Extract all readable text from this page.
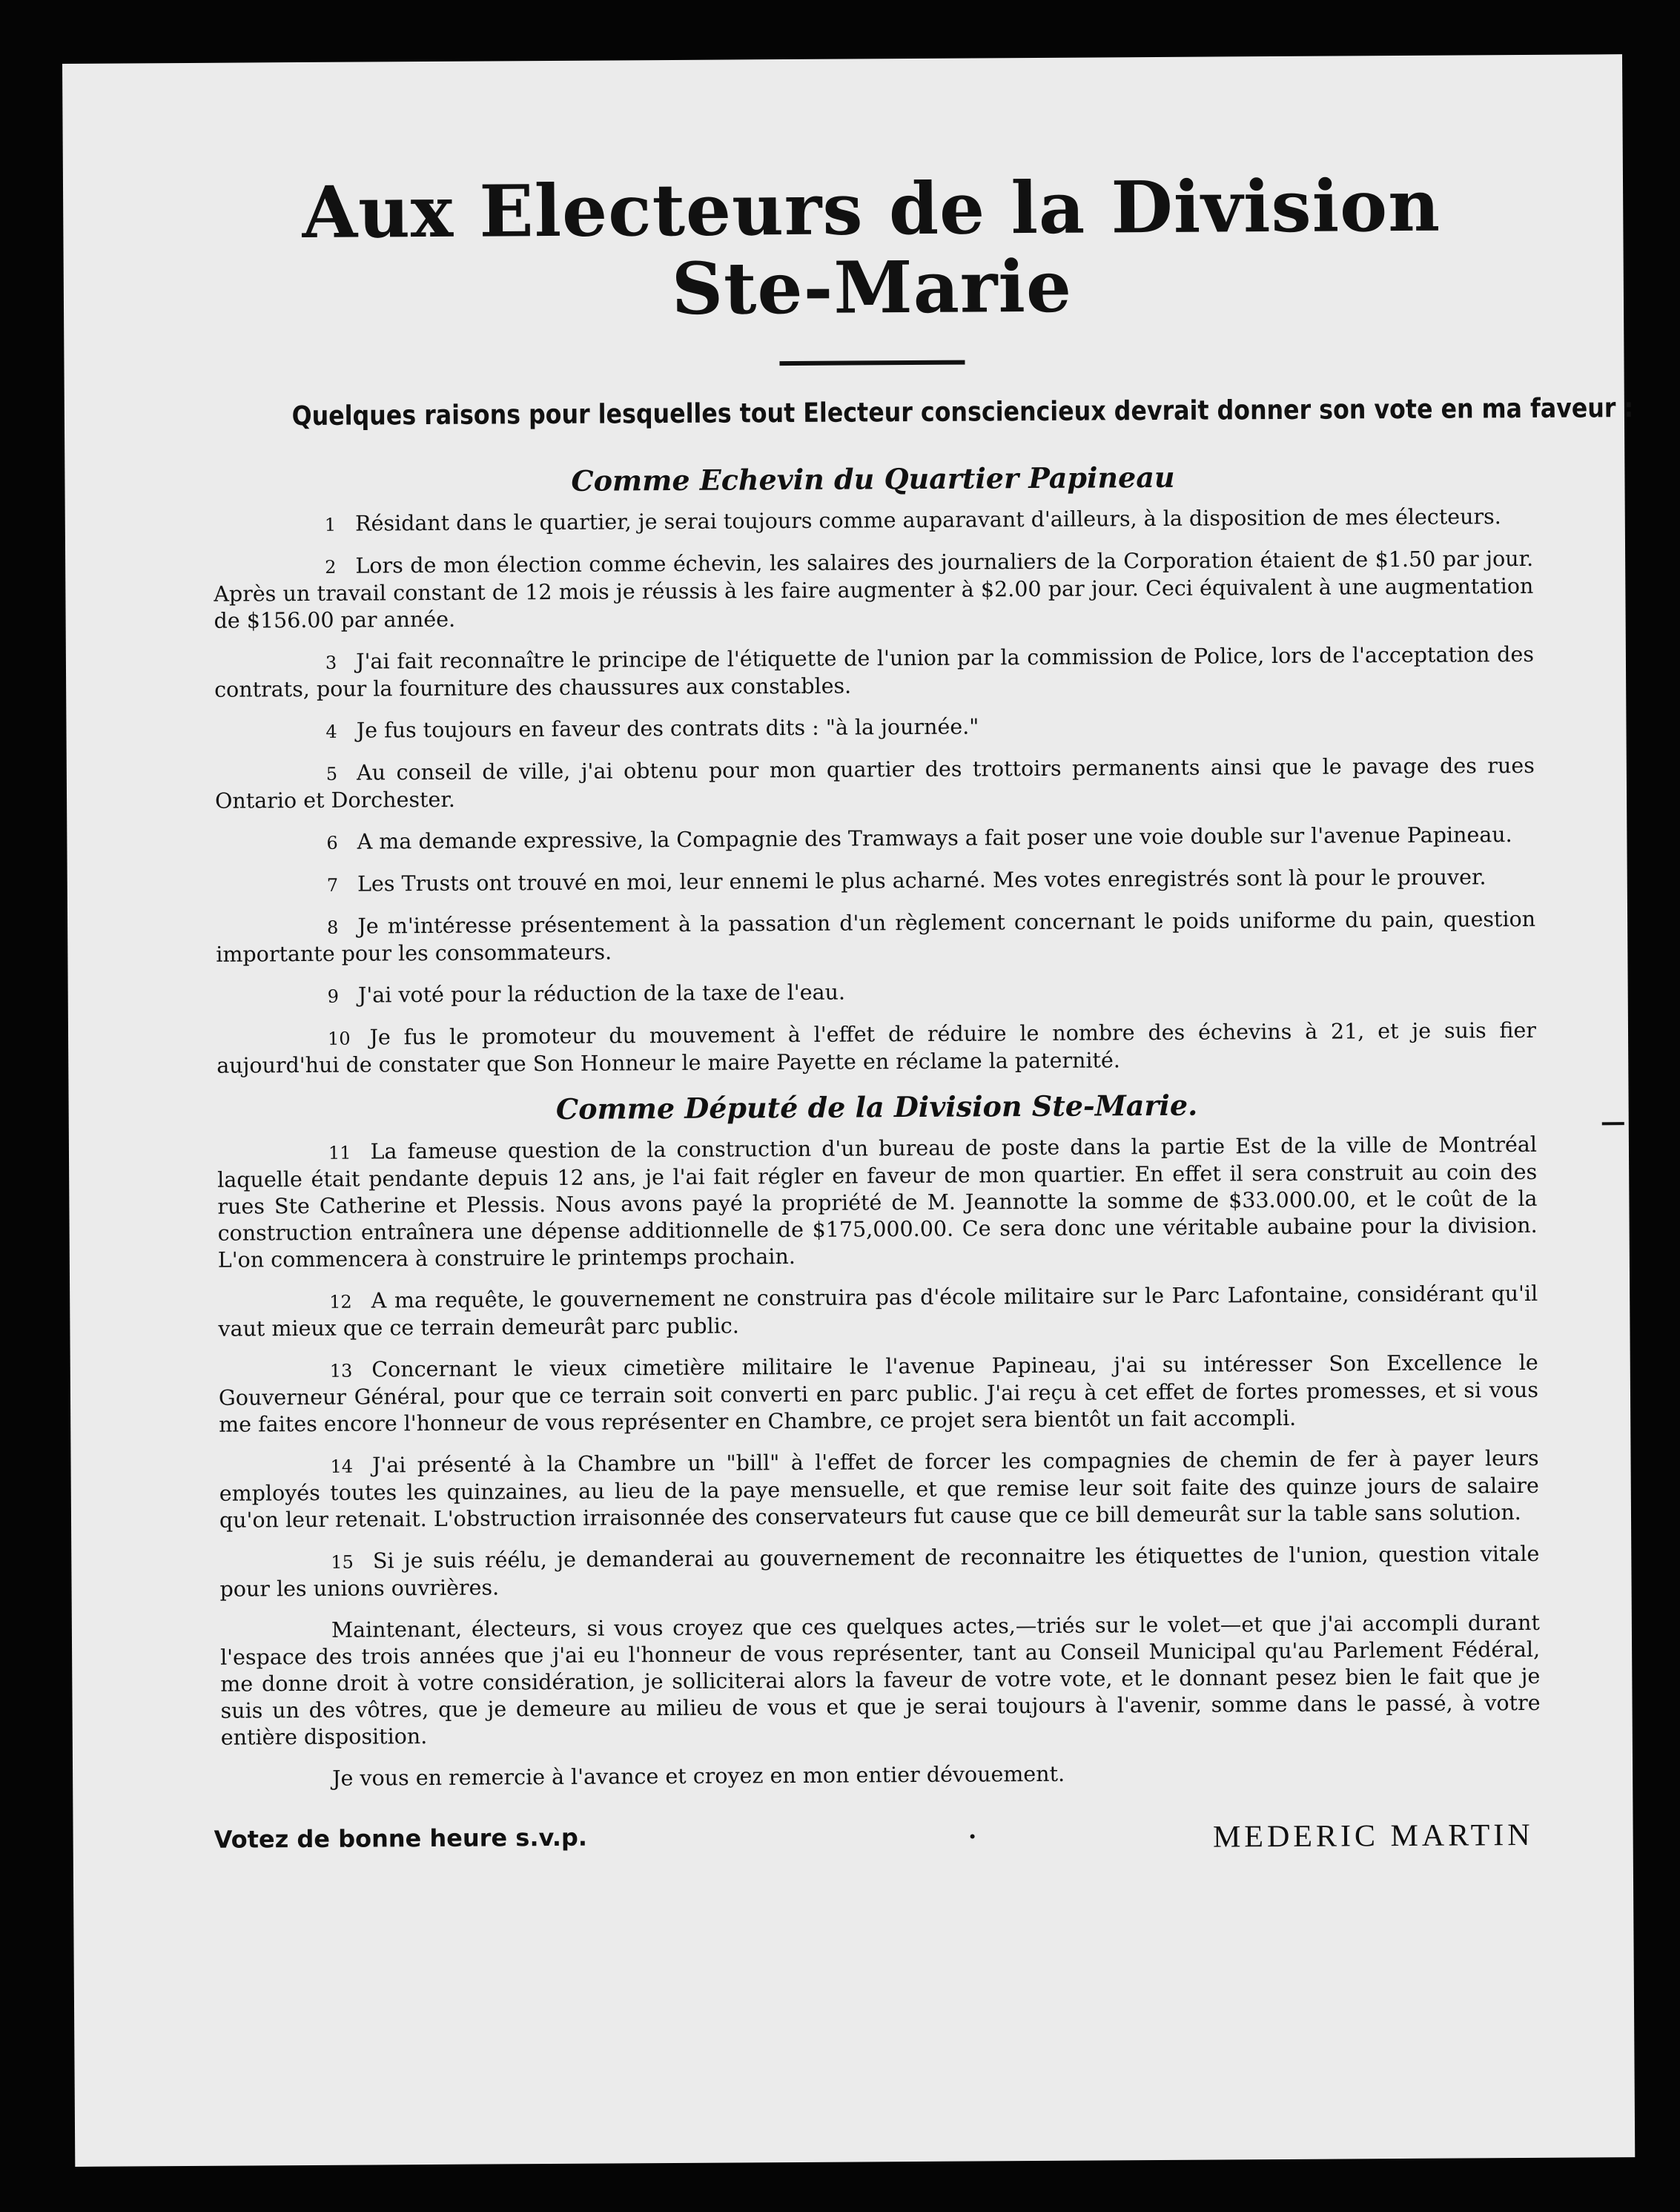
Aux Electeurs de la Division Ste-Marie

Quelques raisons pour lesquelles tout Electeur consciencieux devrait donner son vote en ma faveur :

Comme Echevin du Quartier Papineau

1 Résidant dans le quartier, je serai toujours comme auparavant d'ailleurs, à la disposition de mes électeurs.

2 Lors de mon élection comme échevin, les salaires des journaliers de la Corporation étaient de $1.50 par jour. Après un travail constant de 12 mois je réussis à les faire augmenter à $2.00 par jour. Ceci équivalent à une augmentation de $156.00 par année.

3 J'ai fait reconnaître le principe de l'étiquette de l'union par la commission de Police, lors de l'acceptation des contrats, pour la fourniture des chaussures aux constables.

4 Je fus toujours en faveur des contrats dits : "à la journée."

5 Au conseil de ville, j'ai obtenu pour mon quartier des trottoirs permanents ainsi que le pavage des rues Ontario et Dorchester.

6 A ma demande expressive, la Compagnie des Tramways a fait poser une voie double sur l'avenue Papineau.

7 Les Trusts ont trouvé en moi, leur ennemi le plus acharné. Mes votes enregistrés sont là pour le prouver.

8 Je m'intéresse présentement à la passation d'un règlement concernant le poids uniforme du pain, question importante pour les consommateurs.

9 J'ai voté pour la réduction de la taxe de l'eau.

10 Je fus le promoteur du mouvement à l'effet de réduire le nombre des échevins à 21, et je suis fier aujourd'hui de constater que Son Honneur le maire Payette en réclame la paternité.

Comme Député de la Division Ste-Marie.

11 La fameuse question de la construction d'un bureau de poste dans la partie Est de la ville de Montréal laquelle était pendante depuis 12 ans, je l'ai fait régler en faveur de mon quartier. En effet il sera construit au coin des rues Ste Catherine et Plessis. Nous avons payé la propriété de M. Jeannotte la somme de $33.000.00, et le coût de la construction entraînera une dépense additionnelle de $175,000.00. Ce sera donc une véritable aubaine pour la division. L'on commencera à construire le printemps prochain.

12 A ma requête, le gouvernement ne construira pas d'école militaire sur le Parc Lafontaine, considérant qu'il vaut mieux que ce terrain demeurât parc public.

13 Concernant le vieux cimetière militaire le l'avenue Papineau, j'ai su intéresser Son Excellence le Gouverneur Général, pour que ce terrain soit converti en parc public. J'ai reçu à cet effet de fortes promesses, et si vous me faites encore l'honneur de vous représenter en Chambre, ce projet sera bientôt un fait accompli.

14 J'ai présenté à la Chambre un "bill" à l'effet de forcer les compagnies de chemin de fer à payer leurs employés toutes les quinzaines, au lieu de la paye mensuelle, et que remise leur soit faite des quinze jours de salaire qu'on leur retenait. L'obstruction irraisonnée des conservateurs fut cause que ce bill demeurât sur la table sans solution.

15 Si je suis réélu, je demanderai au gouvernement de reconnaitre les étiquettes de l'union, question vitale pour les unions ouvrières.

Maintenant, électeurs, si vous croyez que ces quelques actes,—triés sur le volet—et que j'ai accompli durant l'espace des trois années que j'ai eu l'honneur de vous représenter, tant au Conseil Municipal qu'au Parlement Fédéral, me donne droit à votre considération, je solliciterai alors la faveur de votre vote, et le donnant pesez bien le fait que je suis un des vôtres, que je demeure au milieu de vous et que je serai toujours à l'avenir, somme dans le passé, à votre entière disposition.

Je vous en remercie à l'avance et croyez en mon entier dévouement.

Votez de bonne heure s.v.p.	MEDERIC MARTIN
